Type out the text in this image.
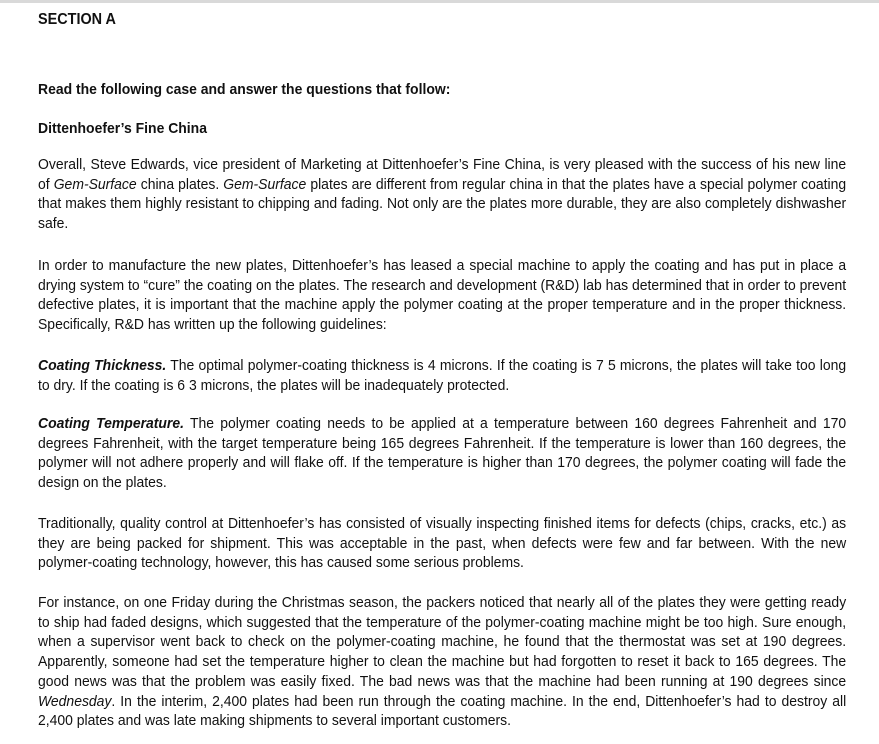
SECTION A

Read the following case and answer the questions that follow:

Dittenhoefer’s Fine China

Overall, Steve Edwards, vice president of Marketing at Dittenhoefer’s Fine China, is very pleased with the success of his new line of Gem-Surface china plates. Gem-Surface plates are different from regular china in that the plates have a special polymer coating that makes them highly resistant to chipping and fading. Not only are the plates more durable, they are also completely dishwasher safe.

In order to manufacture the new plates, Dittenhoefer’s has leased a special machine to apply the coating and has put in place a drying system to “cure” the coating on the plates. The research and development (R&D) lab has determined that in order to prevent defective plates, it is important that the machine apply the polymer coating at the proper temperature and in the proper thickness. Specifically, R&D has written up the following guidelines:

Coating Thickness. The optimal polymer-coating thickness is 4 microns. If the coating is 7 5 microns, the plates will take too long to dry. If the coating is 6 3 microns, the plates will be inadequately protected.

Coating Temperature. The polymer coating needs to be applied at a temperature between 160 degrees Fahrenheit and 170 degrees Fahrenheit, with the target temperature being 165 degrees Fahrenheit. If the temperature is lower than 160 degrees, the polymer will not adhere properly and will flake off. If the temperature is higher than 170 degrees, the polymer coating will fade the design on the plates.

Traditionally, quality control at Dittenhoefer’s has consisted of visually inspecting finished items for defects (chips, cracks, etc.) as they are being packed for shipment. This was acceptable in the past, when defects were few and far between. With the new polymer-coating technology, however, this has caused some serious problems.

For instance, on one Friday during the Christmas season, the packers noticed that nearly all of the plates they were getting ready to ship had faded designs, which suggested that the temperature of the polymer-coating machine might be too high. Sure enough, when a supervisor went back to check on the polymer-coating machine, he found that the thermostat was set at 190 degrees. Apparently, someone had set the temperature higher to clean the machine but had forgotten to reset it back to 165 degrees. The good news was that the problem was easily fixed. The bad news was that the machine had been running at 190 degrees since Wednesday. In the interim, 2,400 plates had been run through the coating machine. In the end, Dittenhoefer’s had to destroy all 2,400 plates and was late making shipments to several important customers.
